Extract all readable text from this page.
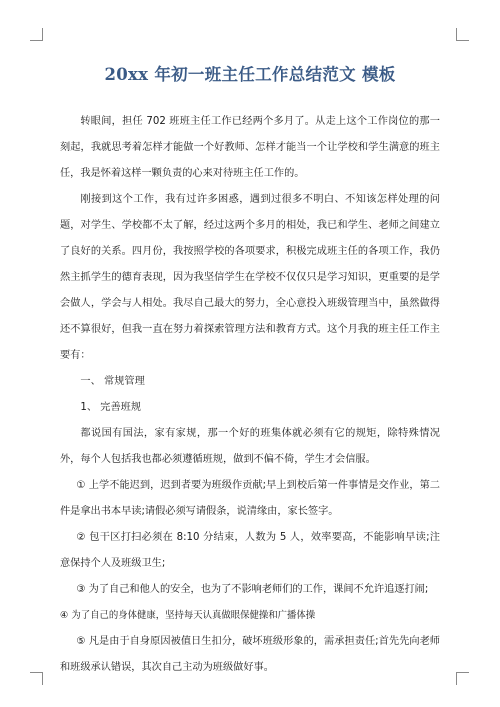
20xx 年初一班主任工作总结范文 模板

转眼间，担任 702 班班主任工作已经两个多月了。从走上这个工作岗位的那一刻起，我就思考着怎样才能做一个好教师、怎样才能当一个让学校和学生满意的班主任，我是怀着这样一颗负责的心来对待班主任工作的。

刚接到这个工作，我有过许多困惑，遇到过很多不明白、不知该怎样处理的问题，对学生、学校都不太了解，经过这两个多月的相处，我已和学生、老师之间建立了良好的关系。四月份，我按照学校的各项要求，积极完成班主任的各项工作，我仍然主抓学生的德育表现，因为我坚信学生在学校不仅仅只是学习知识，更重要的是学会做人，学会与人相处。我尽自己最大的努力，全心意投入班级管理当中，虽然做得还不算很好，但我一直在努力着探索管理方法和教育方式。这个月我的班主任工作主要有：

一、 常规管理

1、 完善班规

都说国有国法，家有家规，那一个好的班集体就必须有它的规矩，除特殊情况外，每个人包括我也都必须遵循班规，做到不偏不倚，学生才会信服。

① 上学不能迟到，迟到者要为班级作贡献;早上到校后第一件事情是交作业，第二件是拿出书本早读;请假必须写请假条，说清缘由，家长签字。

② 包干区打扫必须在 8:10 分结束，人数为 5 人，效率要高，不能影响早读;注意保持个人及班级卫生;

③ 为了自己和他人的安全，也为了不影响老师们的工作，课间不允许追逐打闹;

④ 为了自己的身体健康，坚持每天认真做眼保健操和广播体操

⑤ 凡是由于自身原因被值日生扣分，破坏班级形象的，需承担责任;首先先向老师和班级承认错误，其次自己主动为班级做好事。
